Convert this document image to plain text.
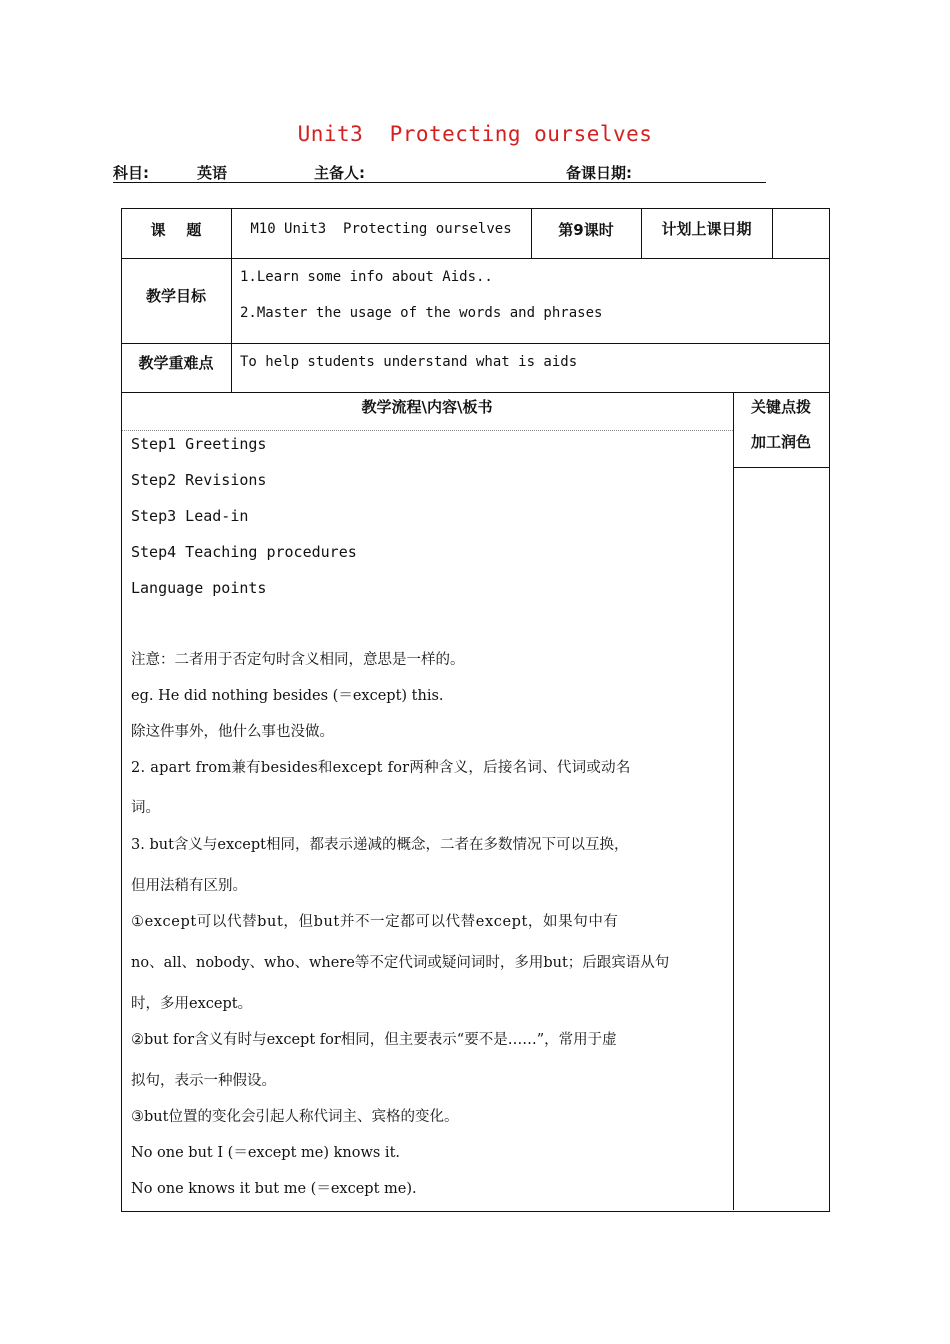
Unit3  Protecting ourselves
科目:	英语	主备人:	备课日期:
课    题	M10 Unit3  Protecting ourselves	第9课时	计划上课日期
教学目标
1.Learn some info about Aids..
2.Master the usage of the words and phrases
教学重难点	To help students understand what is aids
教学流程\内容\板书	关键点拨
加工润色
Step1 Greetings
Step2 Revisions
Step3 Lead-in
Step4 Teaching procedures
Language points
注意：二者用于否定句时含义相同，意思是一样的。
eg. He did nothing besides (＝except) this.
除这件事外，他什么事也没做。
2. apart from兼有besides和except for两种含义，后接名词、代词或动名
词。
3. but含义与except相同，都表示递减的概念，二者在多数情况下可以互换，
但用法稍有区别。
①except可以代替but，但but并不一定都可以代替except，如果句中有
no、all、nobody、who、where等不定代词或疑问词时，多用but；后跟宾语从句
时，多用except。
②but for含义有时与except for相同，但主要表示“要不是……”，常用于虚
拟句，表示一种假设。
③but位置的变化会引起人称代词主、宾格的变化。
No one but I (＝except me) knows it.
No one knows it but me (＝except me).
